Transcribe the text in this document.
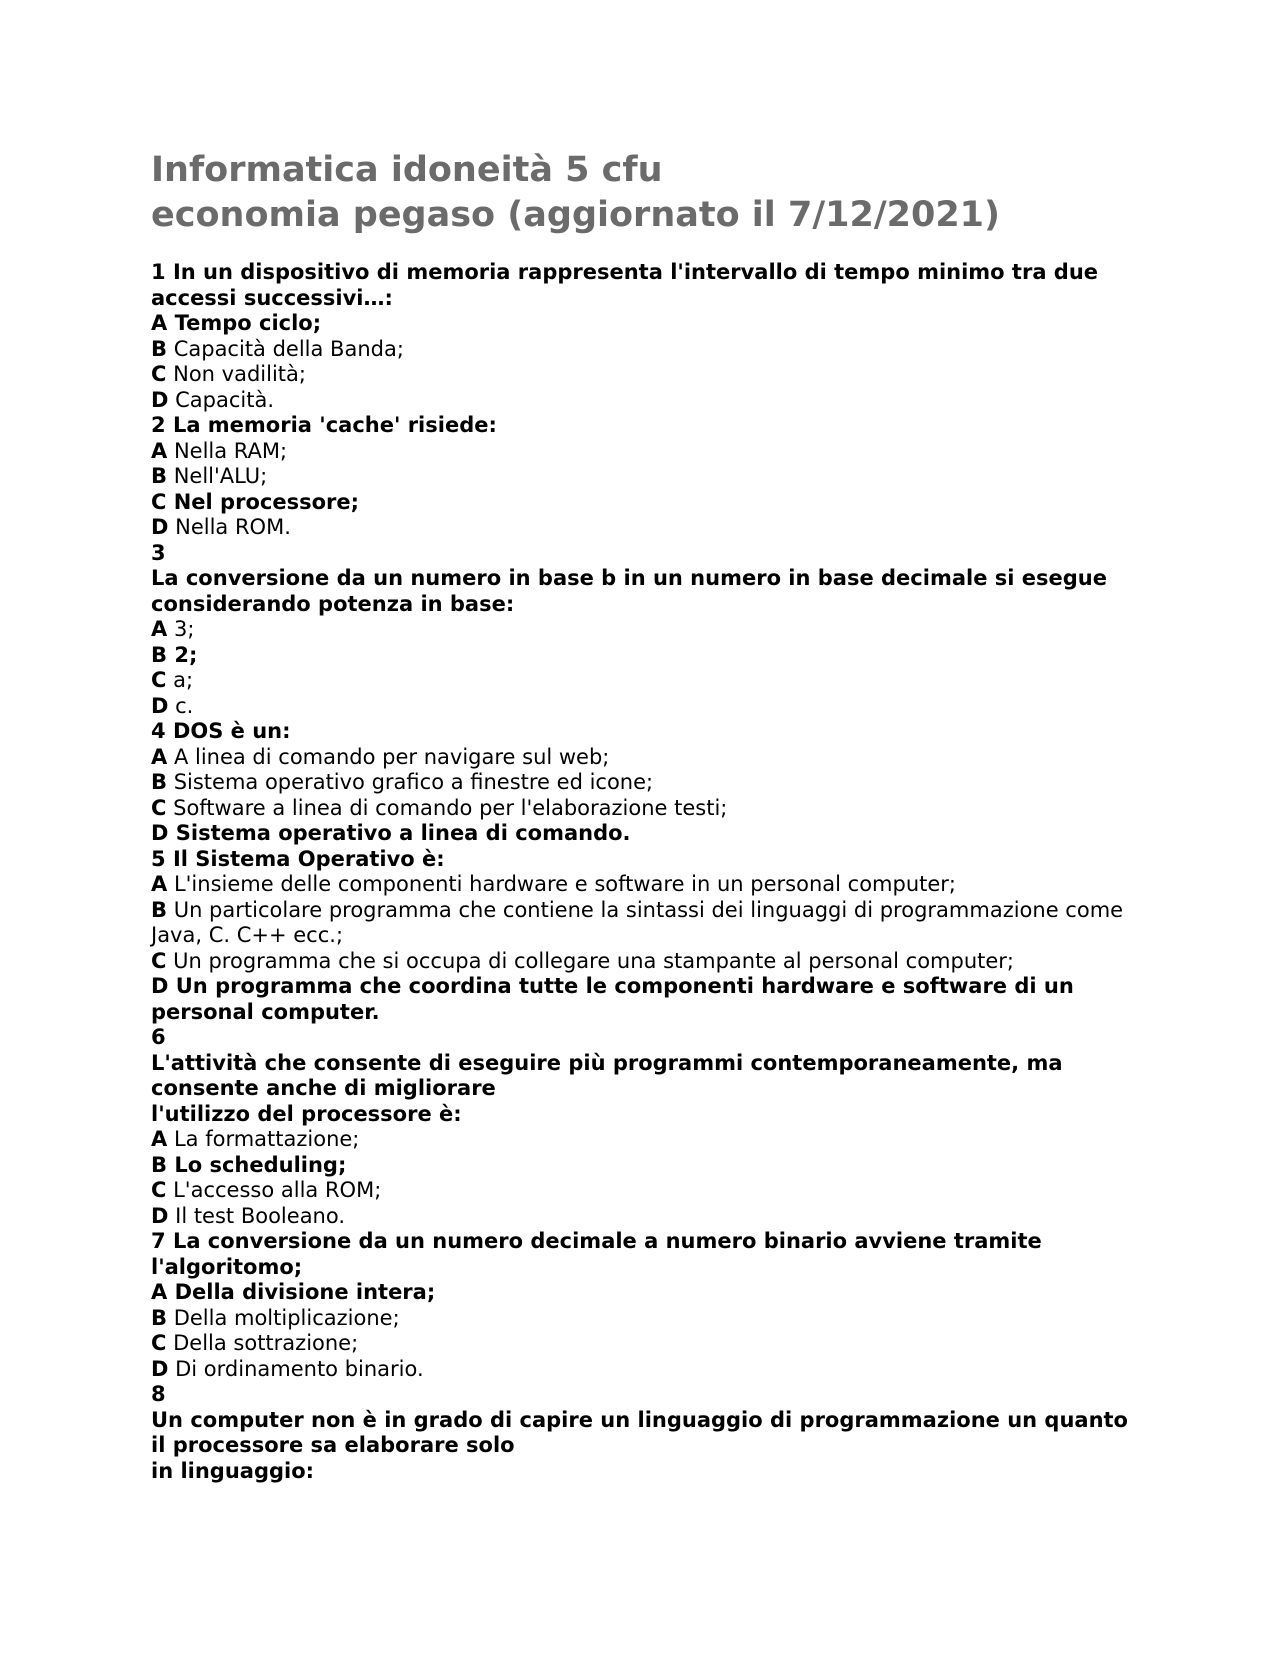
Informatica idoneità 5 cfu
economia pegaso (aggiornato il 7/12/2021)
1 In un dispositivo di memoria rappresenta l'intervallo di tempo minimo tra due accessi successivi…:
A Tempo ciclo;
B Capacità della Banda;
C Non vadilità;
D Capacità.
2 La memoria 'cache' risiede:
A Nella RAM;
B Nell'ALU;
C Nel processore;
D Nella ROM.
3
La conversione da un numero in base b in un numero in base decimale si esegue considerando potenza in base:
A 3;
B 2;
C a;
D c.
4 DOS è un:
A A linea di comando per navigare sul web;
B Sistema operativo grafico a finestre ed icone;
C Software a linea di comando per l'elaborazione testi;
D Sistema operativo a linea di comando.
5 Il Sistema Operativo è:
A L'insieme delle componenti hardware e software in un personal computer;
B Un particolare programma che contiene la sintassi dei linguaggi di programmazione come Java, C. C++ ecc.;
C Un programma che si occupa di collegare una stampante al personal computer;
D Un programma che coordina tutte le componenti hardware e software di un personal computer.
6
L'attività che consente di eseguire più programmi contemporaneamente, ma consente anche di migliorare
l'utilizzo del processore è:
A La formattazione;
B Lo scheduling;
C L'accesso alla ROM;
D Il test Booleano.
7 La conversione da un numero decimale a numero binario avviene tramite l'algoritomo;
A Della divisione intera;
B Della moltiplicazione;
C Della sottrazione;
D Di ordinamento binario.
8
Un computer non è in grado di capire un linguaggio di programmazione un quanto il processore sa elaborare solo
in linguaggio:
